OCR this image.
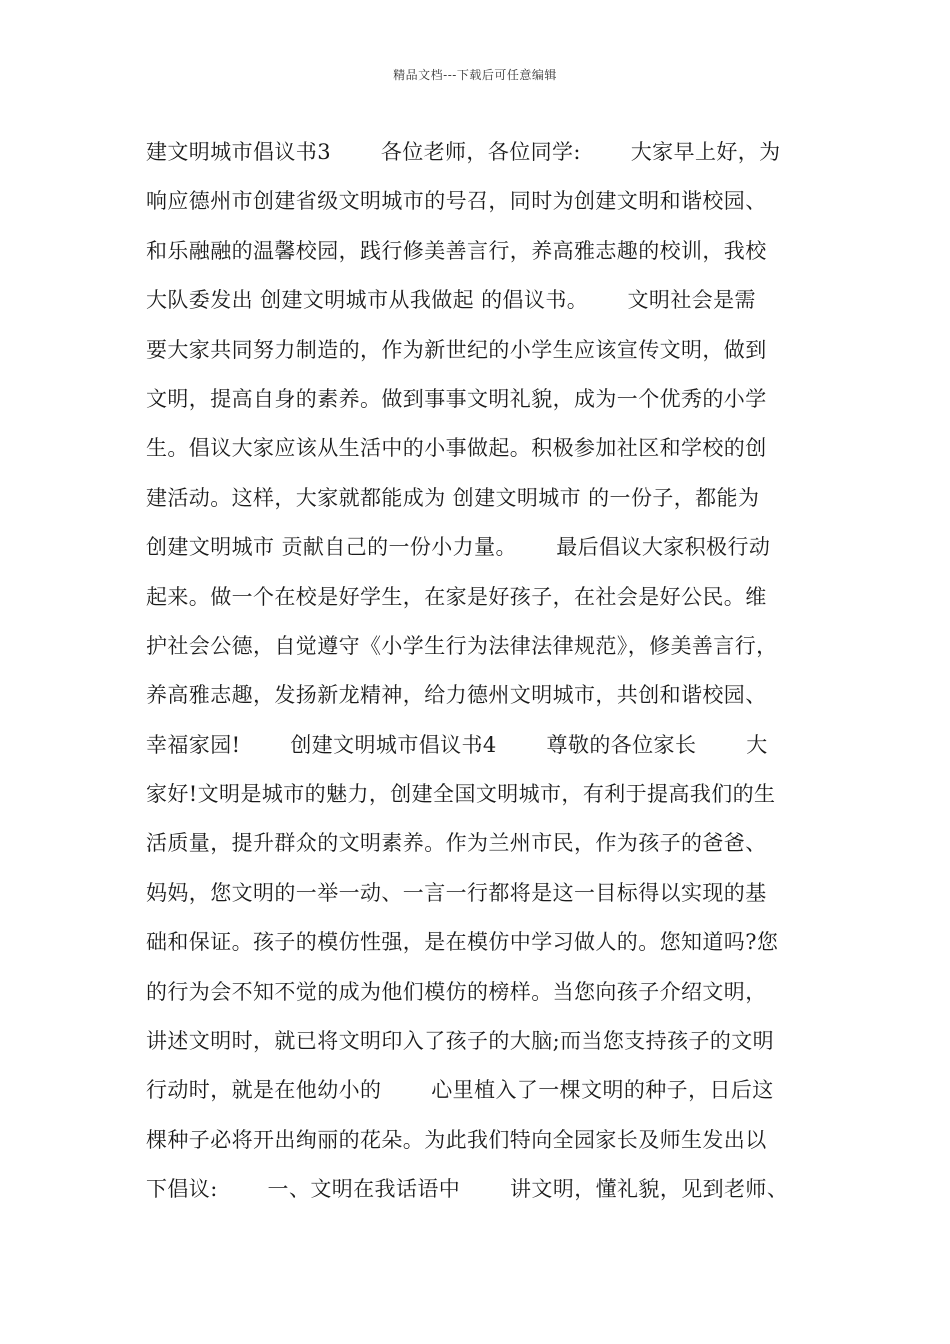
精品文档---下载后可任意编辑
建文明城市倡议书3　　 各位老师，各位同学:　　 大家早上好，为
响应德州市创建省级文明城市的号召，同时为创建文明和谐校园、
和乐融融的温馨校园，践行修美善言行，养高雅志趣的校训，我校
大队委发出 创建文明城市从我做起 的倡议书。　　 文明社会是需
要大家共同努力制造的，作为新世纪的小学生应该宣传文明，做到
文明，提高自身的素养。做到事事文明礼貌，成为一个优秀的小学
生。倡议大家应该从生活中的小事做起。积极参加社区和学校的创
建活动。这样，大家就都能成为 创建文明城市 的一份子，都能为
创建文明城市 贡献自己的一份小力量。　　 最后倡议大家积极行动
起来。做一个在校是好学生，在家是好孩子，在社会是好公民。维
护社会公德，自觉遵守《小学生行为法律法律规范》，修美善言行，
养高雅志趣，发扬新龙精神，给力德州文明城市，共创和谐校园、
幸福家园!　　 创建文明城市倡议书4　　 尊敬的各位家长　　 大
家好!文明是城市的魅力，创建全国文明城市，有利于提高我们的生
活质量，提升群众的文明素养。作为兰州市民，作为孩子的爸爸、
妈妈，您文明的一举一动、一言一行都将是这一目标得以实现的基
础和保证。孩子的模仿性强，是在模仿中学习做人的。您知道吗?您
的行为会不知不觉的成为他们模仿的榜样。当您向孩子介绍文明，
讲述文明时，就已将文明印入了孩子的大脑;而当您支持孩子的文明
行动时，就是在他幼小的　　 心里植入了一棵文明的种子，日后这
棵种子必将开出绚丽的花朵。为此我们特向全园家长及师生发出以
下倡议:　　 一、文明在我话语中　　 讲文明，懂礼貌，见到老师、
